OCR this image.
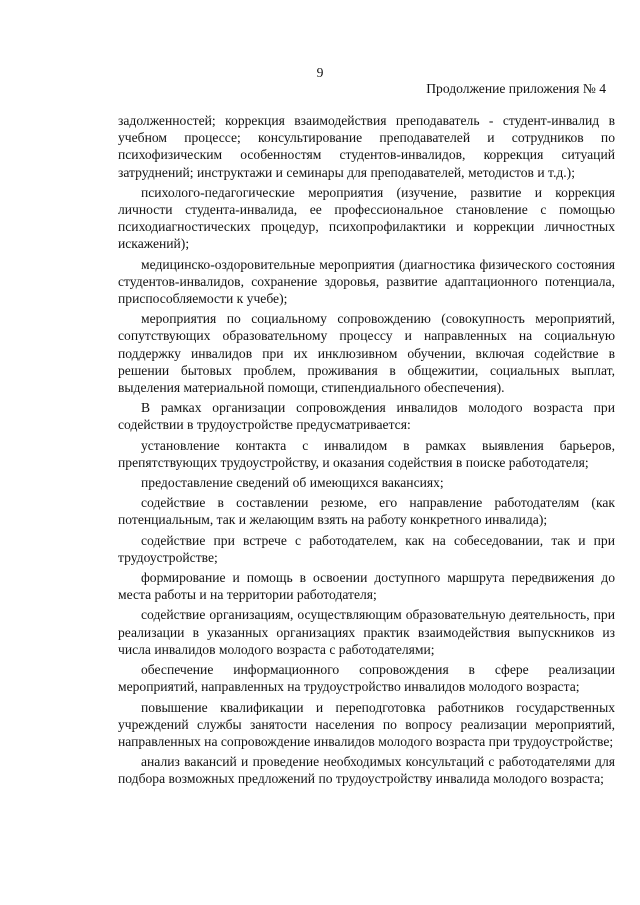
9
Продолжение приложения № 4

задолженностей; коррекция взаимодействия преподаватель - студент-инвалид в учебном процессе; консультирование преподавателей и сотрудников по психофизическим особенностям студентов-инвалидов, коррекция ситуаций затруднений; инструктажи и семинары для преподавателей, методистов и т.д.);

психолого-педагогические мероприятия (изучение, развитие и коррекция личности студента-инвалида, ее профессиональное становление с помощью психодиагностических процедур, психопрофилактики и коррекции личностных искажений);

медицинско-оздоровительные мероприятия (диагностика физического состояния студентов-инвалидов, сохранение здоровья, развитие адаптационного потенциала, приспособляемости к учебе);

мероприятия по социальному сопровождению (совокупность мероприятий, сопутствующих образовательному процессу и направленных на социальную поддержку инвалидов при их инклюзивном обучении, включая содействие в решении бытовых проблем, проживания в общежитии, социальных выплат, выделения материальной помощи, стипендиального обеспечения).

В рамках организации сопровождения инвалидов молодого возраста при содействии в трудоустройстве предусматривается:

установление контакта с инвалидом в рамках выявления барьеров, препятствующих трудоустройству, и оказания содействия в поиске работодателя;

предоставление сведений об имеющихся вакансиях;

содействие в составлении резюме, его направление работодателям (как потенциальным, так и желающим взять на работу конкретного инвалида);

содействие при встрече с работодателем, как на собеседовании, так и при трудоустройстве;

формирование и помощь в освоении доступного маршрута передвижения до места работы и на территории работодателя;

содействие организациям, осуществляющим образовательную деятельность, при реализации в указанных организациях практик взаимодействия выпускников из числа инвалидов молодого возраста с работодателями;

обеспечение информационного сопровождения в сфере реализации мероприятий, направленных на трудоустройство инвалидов молодого возраста;

повышение квалификации и переподготовка работников государственных учреждений службы занятости населения по вопросу реализации мероприятий, направленных на сопровождение инвалидов молодого возраста при трудоустройстве;

анализ вакансий и проведение необходимых консультаций с работодателями для подбора возможных предложений по трудоустройству инвалида молодого возраста;
